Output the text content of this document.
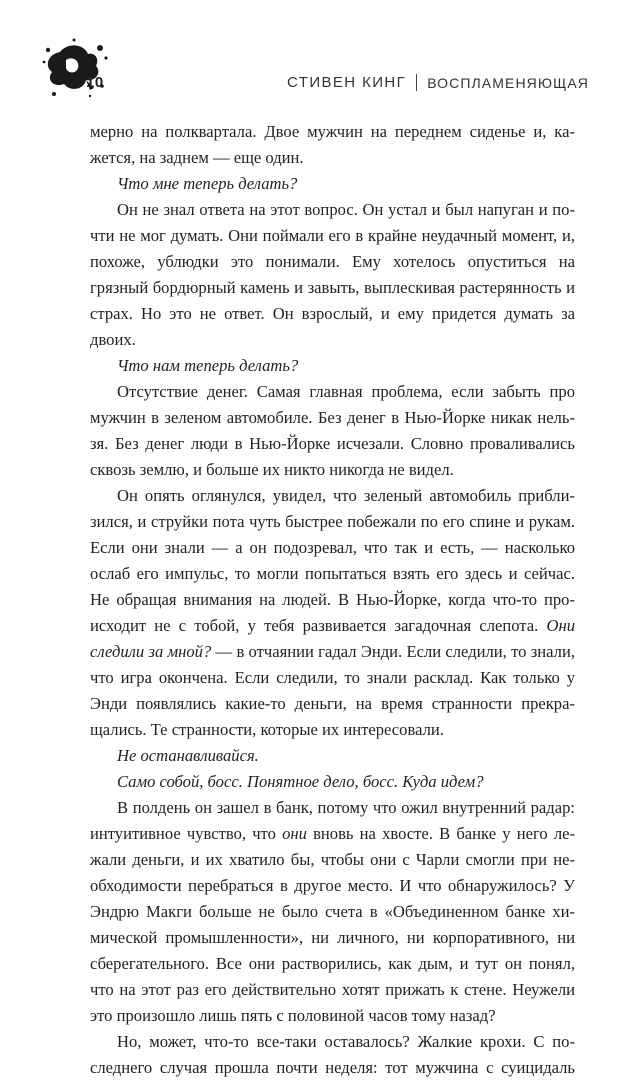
10	СТИВЕН КИНГ ВОСПЛАМЕНЯЮЩАЯ

мерно на полквартала. Двое мужчин на переднем сиденье и, кажется, на заднем — еще один.

Что мне теперь делать?

Он не знал ответа на этот вопрос. Он устал и был напуган и почти не мог думать. Они поймали его в крайне неудачный момент, и, похоже, ублюдки это понимали. Ему хотелось опуститься на грязный бордюрный камень и завыть, выплескивая растерянность и страх. Но это не ответ. Он взрослый, и ему придется думать за двоих.

Что нам теперь делать?

Отсутствие денег. Самая главная проблема, если забыть про мужчин в зеленом автомобиле. Без денег в Нью-Йорке никак нельзя. Без денег люди в Нью-Йорке исчезали. Словно проваливались сквозь землю, и больше их никто никогда не видел.

Он опять оглянулся, увидел, что зеленый автомобиль приблизился, и струйки пота чуть быстрее побежали по его спине и рукам. Если они знали — а он подозревал, что так и есть, — насколько ослаб его импульс, то могли попытаться взять его здесь и сейчас. Не обращая внимания на людей. В Нью-Йорке, когда что-то происходит не с тобой, у тебя развивается загадочная слепота. Они следили за мной? — в отчаянии гадал Энди. Если следили, то знали, что игра окончена. Если следили, то знали расклад. Как только у Энди появлялись какие-то деньги, на время странности прекращались. Те странности, которые их интересовали.

Не останавливайся.

Само собой, босс. Понятное дело, босс. Куда идем?

В полдень он зашел в банк, потому что ожил внутренний радар: интуитивное чувство, что они вновь на хвосте. В банке у него лежали деньги, и их хватило бы, чтобы они с Чарли смогли при необходимости перебраться в другое место. И что обнаружилось? У Эндрю Макги больше не было счета в «Объединенном банке химической промышленности», ни личного, ни корпоративного, ни сберегательного. Все они растворились, как дым, и тут он понял, что на этот раз его действительно хотят прижать к стене. Неужели это произошло лишь пять с половиной часов тому назад?

Но, может, что-то все-таки оставалось? Жалкие крохи. С последнего случая прошла почти неделя: тот мужчина с суицидаль
